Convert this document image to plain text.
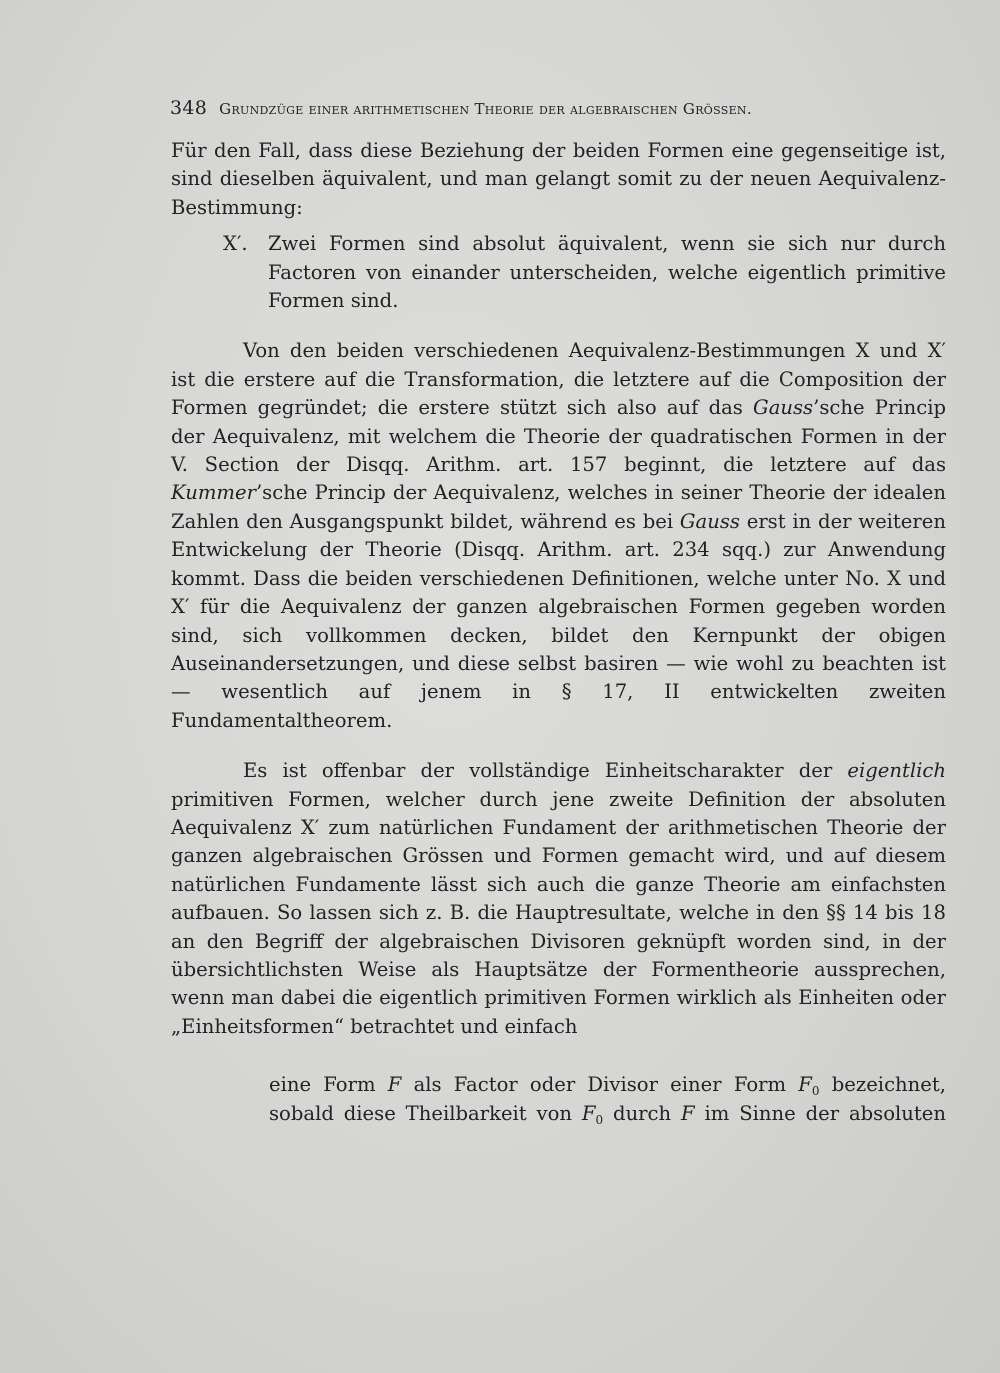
348 Grundzüge einer arithmetischen Theorie der algebraischen Grössen.

Für den Fall, dass diese Beziehung der beiden Formen eine gegenseitige ist, sind dieselben äquivalent, und man gelangt somit zu der neuen Aequivalenz-Bestimmung:

X′. Zwei Formen sind absolut äquivalent, wenn sie sich nur durch Factoren von einander unterscheiden, welche eigentlich primitive Formen sind.

Von den beiden verschiedenen Aequivalenz-Bestimmungen X und X′ ist die erstere auf die Transformation, die letztere auf die Composition der Formen gegründet; die erstere stützt sich also auf das Gauss’sche Princip der Aequivalenz, mit welchem die Theorie der quadratischen Formen in der V. Section der Disqq. Arithm. art. 157 beginnt, die letztere auf das Kummer’sche Princip der Aequivalenz, welches in seiner Theorie der idealen Zahlen den Ausgangspunkt bildet, während es bei Gauss erst in der weiteren Entwickelung der Theorie (Disqq. Arithm. art. 234 sqq.) zur Anwendung kommt. Dass die beiden verschiedenen Definitionen, welche unter No. X und X′ für die Aequivalenz der ganzen algebraischen Formen gegeben worden sind, sich vollkommen decken, bildet den Kernpunkt der obigen Auseinandersetzungen, und diese selbst basiren — wie wohl zu beachten ist — wesentlich auf jenem in § 17, II entwickelten zweiten Fundamentaltheorem.

Es ist offenbar der vollständige Einheitscharakter der eigentlich primitiven Formen, welcher durch jene zweite Definition der absoluten Aequivalenz X′ zum natürlichen Fundament der arithmetischen Theorie der ganzen algebraischen Grössen und Formen gemacht wird, und auf diesem natürlichen Fundamente lässt sich auch die ganze Theorie am einfachsten aufbauen. So lassen sich z. B. die Hauptresultate, welche in den §§ 14 bis 18 an den Begriff der algebraischen Divisoren geknüpft worden sind, in der übersichtlichsten Weise als Hauptsätze der Formentheorie aussprechen, wenn man dabei die eigentlich primitiven Formen wirklich als Einheiten oder „Einheitsformen“ betrachtet und einfach

eine Form F als Factor oder Divisor einer Form $F_0$ bezeichnet, sobald diese Theilbarkeit von $F_0$ durch F im Sinne der absoluten
